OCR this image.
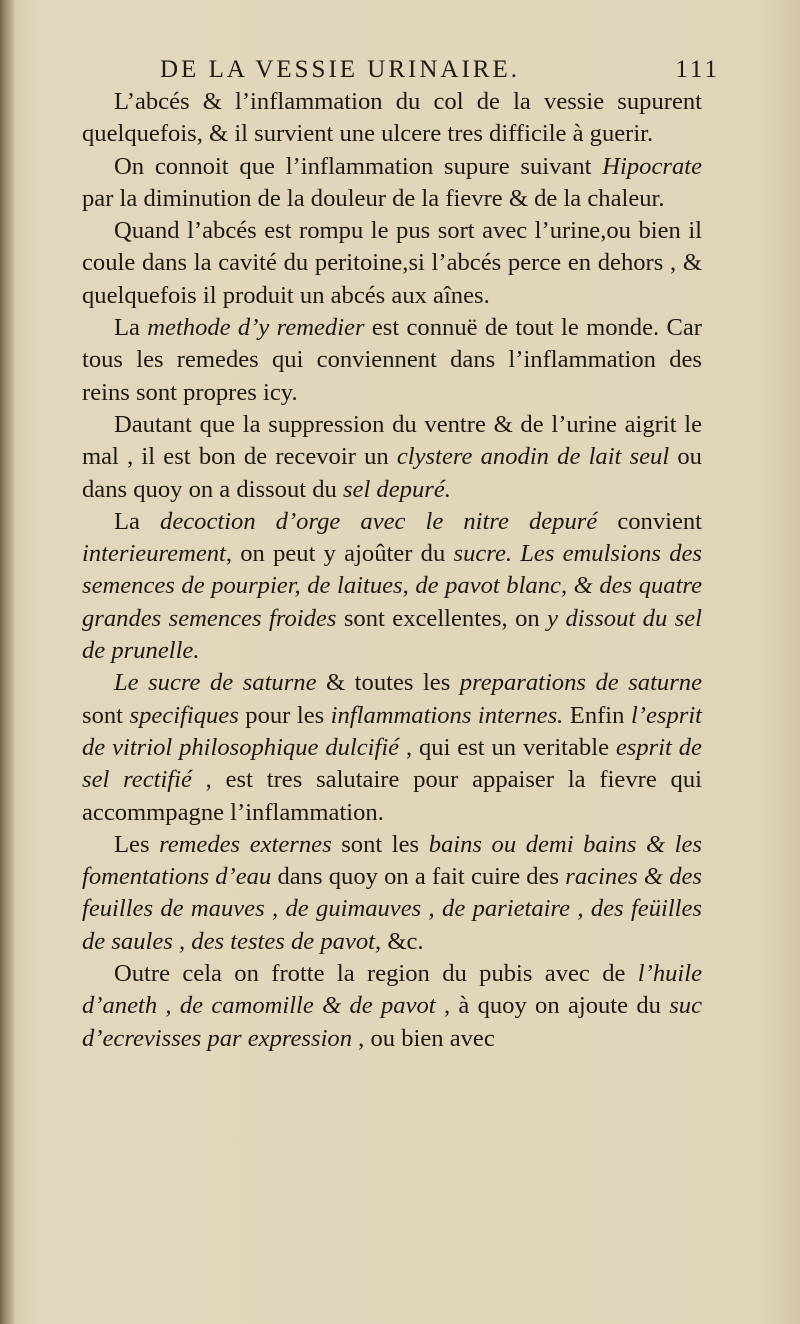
DE LA VESSIE URINAIRE.	111

L’abcés & l’inflammation du col de la vessie supurent quelquefois, & il survient une ulcere tres difficile à guerir.

On connoit que l’inflammation supure suivant Hipocrate par la diminution de la douleur de la fievre & de la chaleur.

Quand l’abcés est rompu le pus sort avec l’urine,ou bien il coule dans la cavité du peritoine,si l’abcés perce en dehors , & quelquefois il produit un abcés aux aînes.

La methode d’y remedier est connuë de tout le monde. Car tous les remedes qui conviennent dans l’inflammation des reins sont propres icy.

Dautant que la suppression du ventre & de l’urine aigrit le mal , il est bon de recevoir un clystere anodin de lait seul ou dans quoy on a dissout du sel depuré.

La decoction d’orge avec le nitre depuré convient interieurement, on peut y ajoûter du sucre. Les emulsions des semences de pourpier, de laitues, de pavot blanc, & des quatre grandes semences froides sont excellentes, on y dissout du sel de prunelle.

Le sucre de saturne & toutes les preparations de saturne sont specifiques pour les inflammations internes. Enfin l’esprit de vitriol philosophique dulcifié , qui est un veritable esprit de sel rectifié , est tres salutaire pour appaiser la fievre qui accommpagne l’inflammation.

Les remedes externes sont les bains ou demi bains & les fomentations d’eau dans quoy on a fait cuire des racines & des feuilles de mauves , de guimauves , de parietaire , des feüilles de saules , des testes de pavot, &c.

Outre cela on frotte la region du pubis avec de l’huile d’aneth , de camomille & de pavot , à quoy on ajoute du suc d’ecrevisses par expression , ou bien avec
